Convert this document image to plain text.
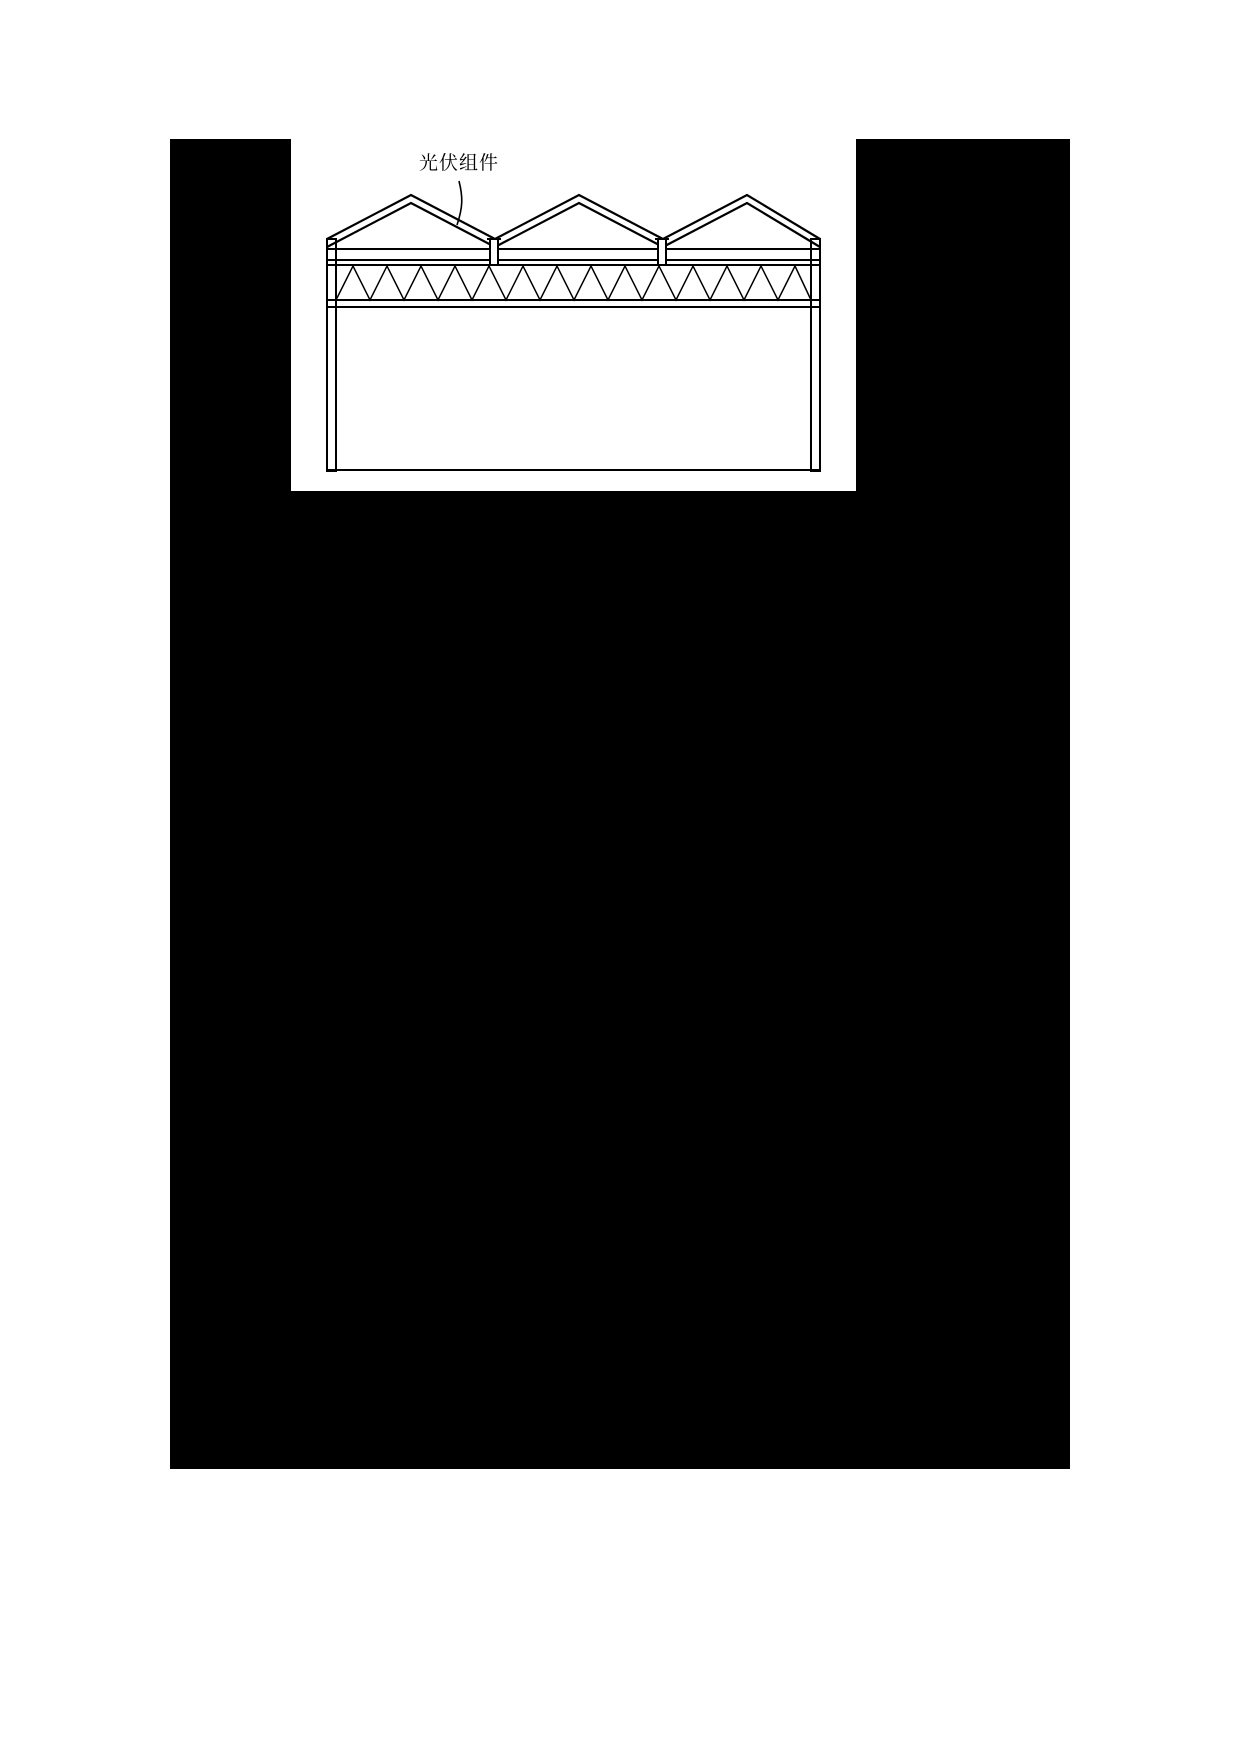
光伏组件
